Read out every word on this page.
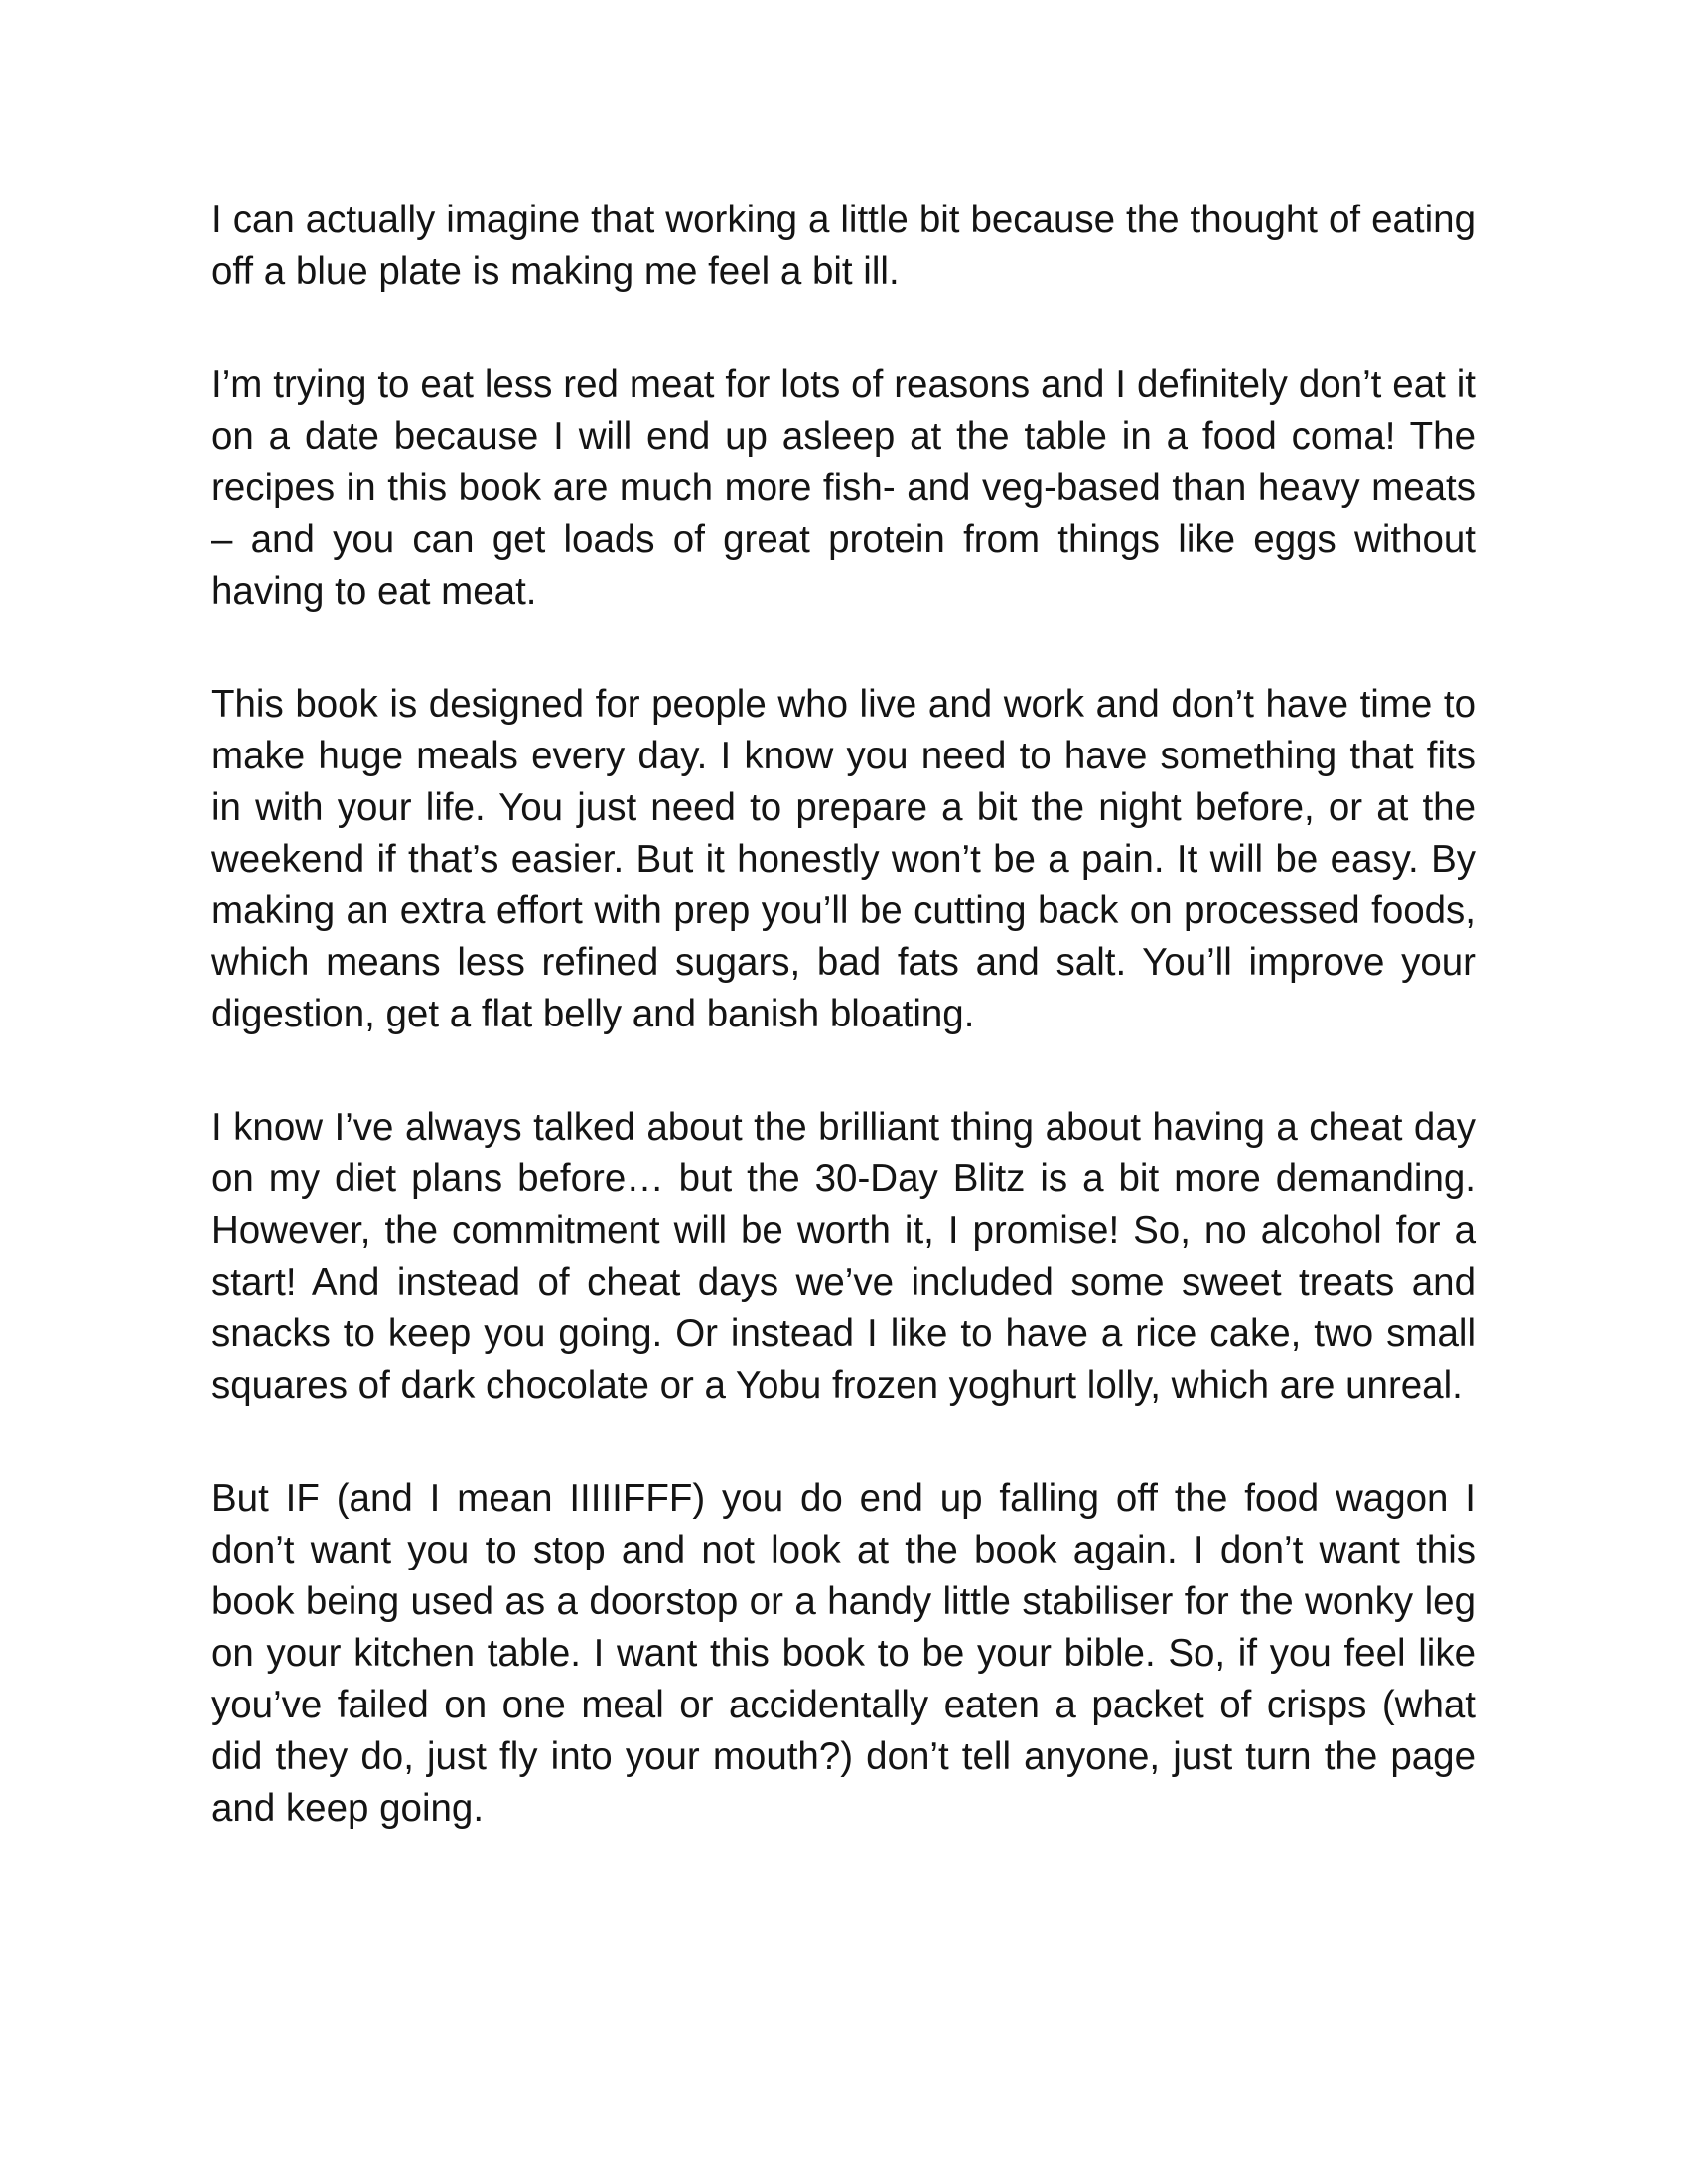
I can actually imagine that working a little bit because the thought of eating off a blue plate is making me feel a bit ill.

I’m trying to eat less red meat for lots of reasons and I definitely don’t eat it on a date because I will end up asleep at the table in a food coma! The recipes in this book are much more fish- and veg-based than heavy meats – and you can get loads of great protein from things like eggs without having to eat meat.

This book is designed for people who live and work and don’t have time to make huge meals every day. I know you need to have something that fits in with your life. You just need to prepare a bit the night before, or at the weekend if that’s easier. But it honestly won’t be a pain. It will be easy. By making an extra effort with prep you’ll be cutting back on processed foods, which means less refined sugars, bad fats and salt. You’ll improve your digestion, get a flat belly and banish bloating.

I know I’ve always talked about the brilliant thing about having a cheat day on my diet plans before… but the 30-Day Blitz is a bit more demanding. However, the commitment will be worth it, I promise! So, no alcohol for a start! And instead of cheat days we’ve included some sweet treats and snacks to keep you going. Or instead I like to have a rice cake, two small squares of dark chocolate or a Yobu frozen yoghurt lolly, which are unreal.

But IF (and I mean IIIIIFFF) you do end up falling off the food wagon I don’t want you to stop and not look at the book again. I don’t want this book being used as a doorstop or a handy little stabiliser for the wonky leg on your kitchen table. I want this book to be your bible. So, if you feel like you’ve failed on one meal or accidentally eaten a packet of crisps (what did they do, just fly into your mouth?) don’t tell anyone, just turn the page and keep going.
